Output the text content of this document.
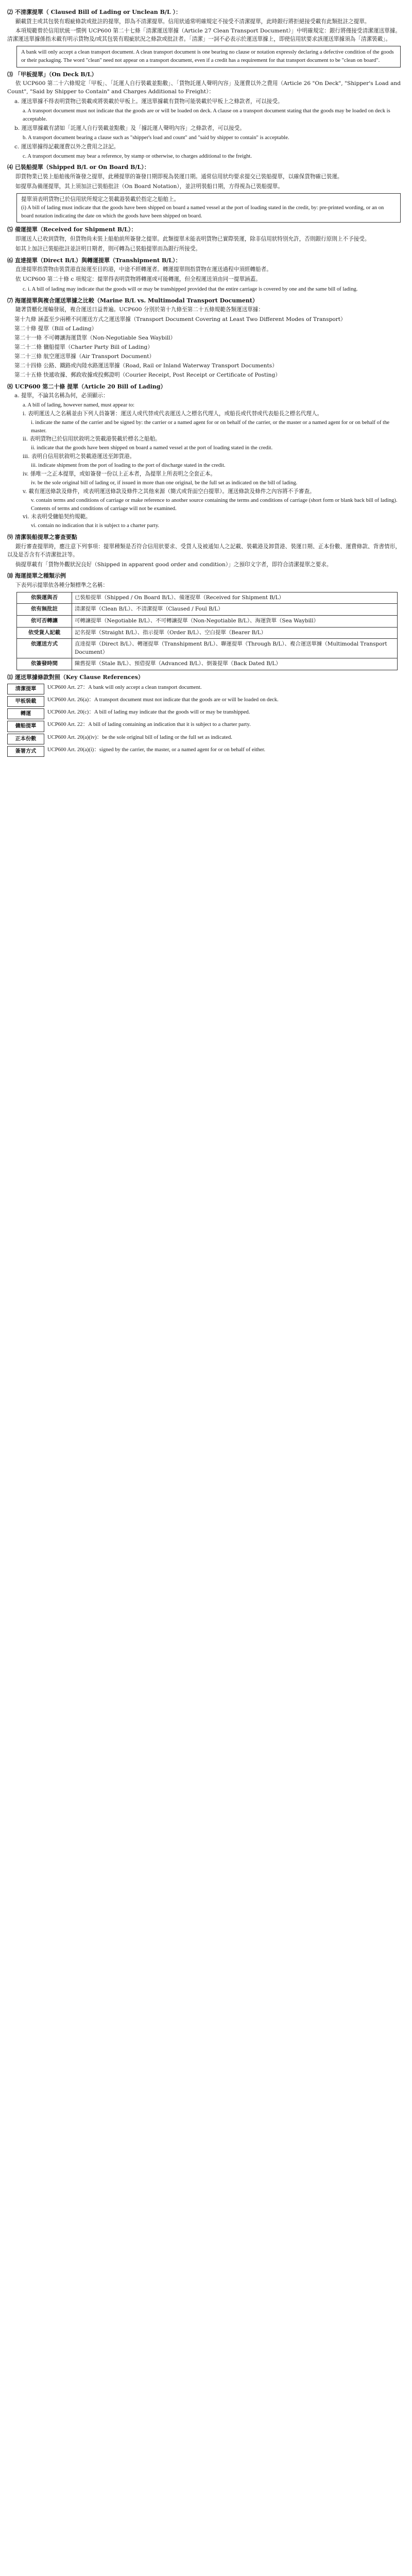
⑵ 不清潔提單（ Claused Bill of Lading or Unclean B/L ）：

顯載貨主或其包裝有瑕疵條款或批註的提單，即為不清潔提單。信用狀通常明確規定不接受不清潔提單，此時銀行將拒絕接受載有此類批註之提單。

本項規範曾於信用狀統一慣例 UCP600 第二十七條「清潔運送單據（Article 27 Clean Transport Document）」中明確規定：銀行將僅接受清潔運送單據。清潔運送單據係指未載有明示貨物及/或其包裝有瑕疵狀況之條款或批註者。「清潔」一詞不必表示於運送單據上，即使信用狀要求該運送單據須為「清潔裝載」。

A bank will only accept a clean transport document. A clean transport document is one bearing no clause or notation expressly declaring a defective condition of the goods or their packaging. The word "clean" need not appear on a transport document, even if a credit has a requirement for that transport document to be "clean on board".
⑶ 「甲板提單」（On Deck B/L）

依 UCP600 第二十六條規定「甲板」、「託運人自行裝載並點數」、「貨物託運人聲明內容」及運費以外之費用（Article 26 "On Deck", "Shipper's Load and Count", "Said by Shipper to Contain" and Charges Additional to Freight）：

a. 運送單據不得表明貨物已裝載或將裝載於甲板上。運送單據載有貨物可能裝載於甲板上之條款者，可以接受。
a. A transport document must not indicate that the goods are or will be loaded on deck. A clause on a transport document stating that the goods may be loaded on deck is acceptable.
b. 運送單據載有諸如「託運人自行裝載並點數」及「據託運人聲明內容」之條款者，可以接受。
b. A transport document bearing a clause such as "shipper's load and count" and "said by shipper to contain" is acceptable.
c. 運送單據得記載運費以外之費用之註記。
c. A transport document may bear a reference, by stamp or otherwise, to charges additional to the freight.
⑷ 已裝船提單（Shipped B/L or On Board B/L）：

即貨物業已裝上船舶後所簽發之提單，此種提單的簽發日期即視為裝運日期。通常信用狀均要求提交已裝船提單，以確保貨物確已裝運。

如提單為備運提單，其上須加註已裝船批註（On Board Notation），並註明裝船日期，方得視為已裝船提單。

提單須表明貨物已於信用狀所規定之裝載港裝載於指定之船舶上。
(i) A bill of lading must indicate that the goods have been shipped on board a named vessel at the port of loading stated in the credit, by: pre-printed wording, or an on board notation indicating the date on which the goods have been shipped on board.
⑸ 備運提單（Received for Shipment B/L）：

即運送人已收到貨物，但貨物尚未裝上船舶前所簽發之提單。此類提單未能表明貨物已實際裝運，除非信用狀特別允許，否則銀行原則上不予接受。

如其上加註已裝船批註並註明日期者，則可轉為已裝船提單而為銀行所接受。

⑹ 直達提單（Direct B/L）與轉運提單（Transhipment B/L）：

直達提單指貨物由裝貨港直接運至目的港，中途不經轉運者。轉運提單則指貨物在運送過程中須經轉船者。

依 UCP600 第二十條 c 項規定：提單得表明貨物將轉運或可能轉運，但全程運送須由同一提單涵蓋。

c. i. A bill of lading may indicate that the goods will or may be transhipped provided that the entire carriage is covered by one and the same bill of lading.
⑺ 海運提單與複合運送單據之比較（Marine B/L vs. Multimodal Transport Document）

隨著貨櫃化運輸發展，複合運送日益普遍。UCP600 分別於第十九條至第二十五條規範各類運送單據：

第十九條 涵蓋至少兩種不同運送方式之運送單據（Transport Document Covering at Least Two Different Modes of Transport）
第二十條 提單（Bill of Lading）
第二十一條 不可轉讓海運貨單（Non-Negotiable Sea Waybill）
第二十二條 傭船提單（Charter Party Bill of Lading）
第二十三條 航空運送單據（Air Transport Document）
第二十四條 公路、鐵路或內陸水路運送單據（Road, Rail or Inland Waterway Transport Documents）
第二十五條 快遞收據、郵政收據或投郵證明（Courier Receipt, Post Receipt or Certificate of Posting）
⑻ UCP600 第二十條 提單（Article 20 Bill of Lading）
a. 提單，不論其名稱為何，必須顯示：
a. A bill of lading, however named, must appear to:
i. 表明運送人之名稱並由下列人員簽署：運送人或代替或代表運送人之標名代理人，或船長或代替或代表船長之標名代理人。
i. indicate the name of the carrier and be signed by: the carrier or a named agent for or on behalf of the carrier, or the master or a named agent for or on behalf of the master.
ii. 表明貨物已於信用狀敘明之裝載港裝載於標名之船舶。
ii. indicate that the goods have been shipped on board a named vessel at the port of loading stated in the credit.
iii. 表明自信用狀敘明之裝載港運送至卸貨港。
iii. indicate shipment from the port of loading to the port of discharge stated in the credit.
iv. 係唯一之正本提單，或如簽發一份以上正本者，為提單上所表明之全套正本。
iv. be the sole original bill of lading or, if issued in more than one original, be the full set as indicated on the bill of lading.
v. 載有運送條款及條件，或表明運送條款及條件之其他來源（簡式或背面空白提單）。運送條款及條件之內容將不予審查。
v. contain terms and conditions of carriage or make reference to another source containing the terms and conditions of carriage (short form or blank back bill of lading). Contents of terms and conditions of carriage will not be examined.
vi. 未表明受傭船契約規範。
vi. contain no indication that it is subject to a charter party.
⑼ 清潔裝船提單之審查要點

銀行審查提單時，應注意下列事項：提單種類是否符合信用狀要求、受貨人及被通知人之記載、裝載港及卸貨港、裝運日期、正本份數、運費條款、背書情形，以及是否含有不清潔批註等。

倘提單載有「貨物外觀狀況良好（Shipped in apparent good order and condition）」之預印文字者，即符合清潔提單之要求。

⑽ 海運提單之種類示例

下表列示提單依各種分類標準之名稱：

依裝運與否	已裝船提單（Shipped / On Board B/L）、備運提單（Received for Shipment B/L）
依有無批註	清潔提單（Clean B/L）、不清潔提單（Claused / Foul B/L）
依可否轉讓	可轉讓提單（Negotiable B/L）、不可轉讓提單（Non-Negotiable B/L）、海運貨單（Sea Waybill）
依受貨人記載	記名提單（Straight B/L）、指示提單（Order B/L）、空白提單（Bearer B/L）
依運送方式	直達提單（Direct B/L）、轉運提單（Transhipment B/L）、聯運提單（Through B/L）、複合運送單據（Multimodal Transport Document）
依簽發時間	陳舊提單（Stale B/L）、預借提單（Advanced B/L）、倒簽提單（Back Dated B/L）
⑾ 運送單據條款對照（Key Clause References）
清潔提單	UCP600 Art. 27：A bank will only accept a clean transport document.
甲板裝載	UCP600 Art. 26(a)：A transport document must not indicate that the goods are or will be loaded on deck.
轉運	UCP600 Art. 20(c)：A bill of lading may indicate that the goods will or may be transhipped.
傭船提單	UCP600 Art. 22：A bill of lading containing an indication that it is subject to a charter party.
正本份數	UCP600 Art. 20(a)(iv)：be the sole original bill of lading or the full set as indicated.
簽署方式	UCP600 Art. 20(a)(i)：signed by the carrier, the master, or a named agent for or on behalf of either.
